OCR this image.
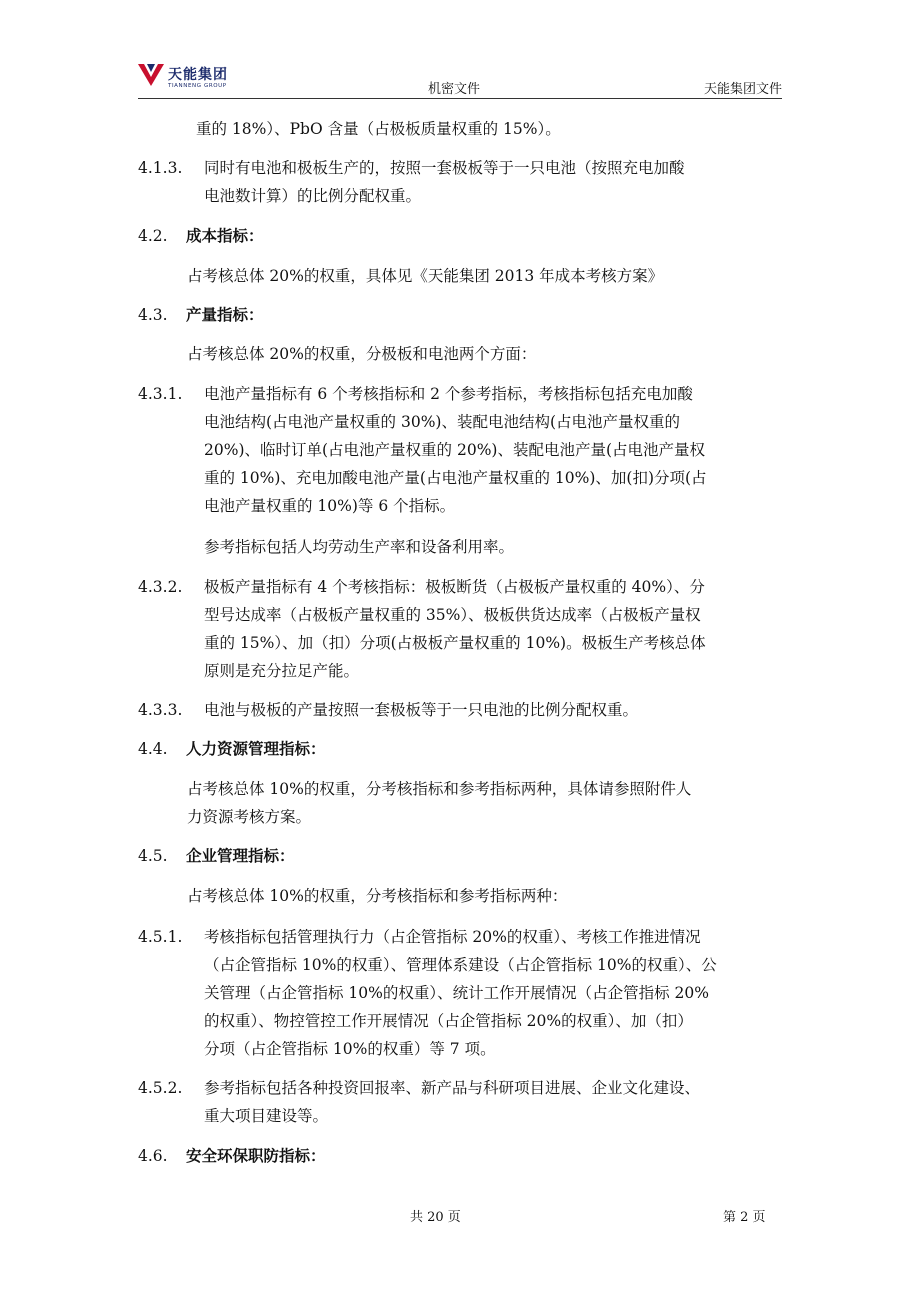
天能集团
TIANNENG GROUP	机密文件	天能集团文件
重的 18%）、PbO 含量（占极板质量权重的 15%）。
4.1.3. 同时有电池和极板生产的，按照一套极板等于一只电池（按照充电加酸
电池数计算）的比例分配权重。
4.2. 成本指标：
占考核总体 20%的权重，具体见《天能集团 2013 年成本考核方案》
4.3. 产量指标：
占考核总体 20%的权重，分极板和电池两个方面：
4.3.1. 电池产量指标有 6 个考核指标和 2 个参考指标，考核指标包括充电加酸
电池结构(占电池产量权重的 30%)、装配电池结构(占电池产量权重的
20%)、临时订单(占电池产量权重的 20%)、装配电池产量(占电池产量权
重的 10%)、充电加酸电池产量(占电池产量权重的 10%)、加(扣)分项(占
电池产量权重的 10%)等 6 个指标。
参考指标包括人均劳动生产率和设备利用率。
4.3.2. 极板产量指标有 4 个考核指标：极板断货（占极板产量权重的 40%）、分
型号达成率（占极板产量权重的 35%）、极板供货达成率（占极板产量权
重的 15%）、加（扣）分项(占极板产量权重的 10%)。极板生产考核总体
原则是充分拉足产能。
4.3.3. 电池与极板的产量按照一套极板等于一只电池的比例分配权重。
4.4. 人力资源管理指标：
占考核总体 10%的权重，分考核指标和参考指标两种，具体请参照附件人
力资源考核方案。
4.5. 企业管理指标：
占考核总体 10%的权重，分考核指标和参考指标两种：
4.5.1. 考核指标包括管理执行力（占企管指标 20%的权重）、考核工作推进情况
（占企管指标 10%的权重）、管理体系建设（占企管指标 10%的权重）、公
关管理（占企管指标 10%的权重）、统计工作开展情况（占企管指标 20%
的权重）、物控管控工作开展情况（占企管指标 20%的权重）、加（扣）
分项（占企管指标 10%的权重）等 7 项。
4.5.2. 参考指标包括各种投资回报率、新产品与科研项目进展、企业文化建设、
重大项目建设等。
4.6. 安全环保职防指标：
共 20 页	第 2 页
